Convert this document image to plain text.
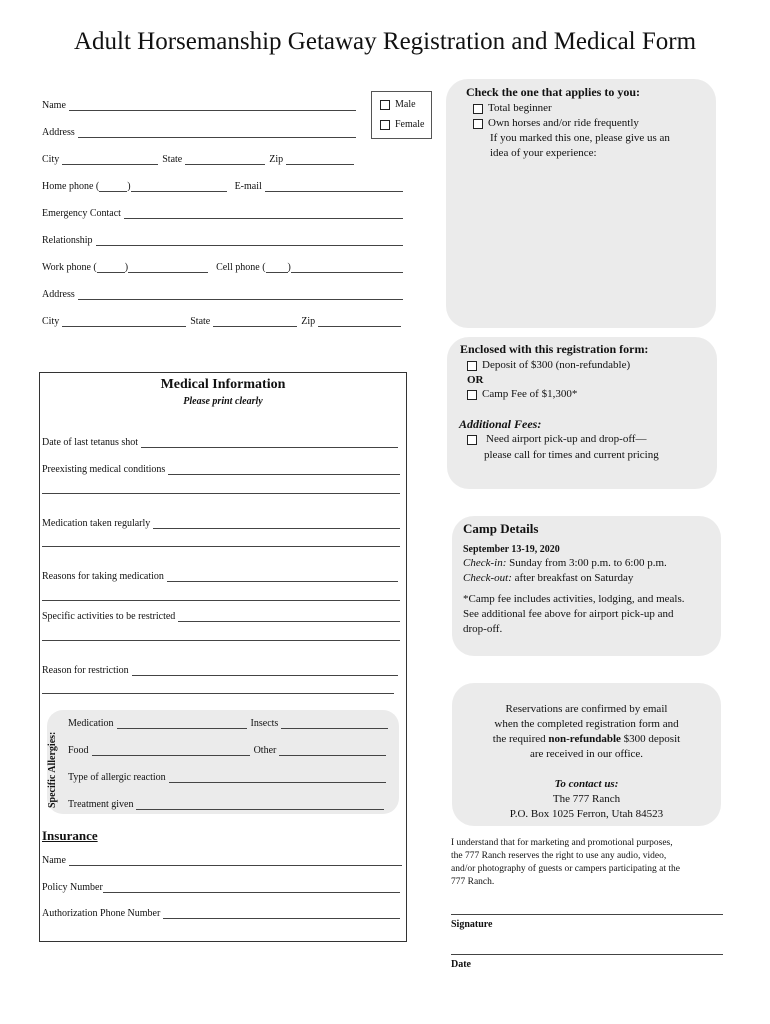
Adult Horsemanship Getaway Registration and Medical Form
Name
Address
City	State	Zip
Home phone (	)	E-mail
Emergency Contact
Relationship
Work phone (	)	Cell phone ( )
Address
City	State	Zip
Male
Female
Check the one that applies to you:
Total beginner
Own horses and/or ride frequently
If you marked this one, please give us an
idea of your experience:
Enclosed with this registration form:
Deposit of $300 (non-refundable)
OR
Camp Fee of $1,300*
Additional Fees:
Need airport pick-up and drop-off—
please call for times and current pricing
Camp Details
September 13-19, 2020
Check-in: Sunday from 3:00 p.m. to 6:00 p.m.
Check-out: after breakfast on Saturday
*Camp fee includes activities, lodging, and meals.
See additional fee above for airport pick-up and
drop-off.
Reservations are confirmed by email
when the completed registration form and
the required non-refundable $300 deposit
are received in our office.
To contact us:
The 777 Ranch
P.O. Box 1025 Ferron, Utah 84523
I understand that for marketing and promotional purposes,
the 777 Ranch reserves the right to use any audio, video,
and/or photography of guests or campers participating at the
777 Ranch.
Signature
Date
Medical Information
Please print clearly
Date of last tetanus shot
Preexisting medical conditions
Medication taken regularly
Reasons for taking medication
Specific activities to be restricted
Reason for restriction
Specific Allergies:
Medication	Insects
Food	Other
Type of allergic reaction
Treatment given
Insurance
Name
Policy Number
Authorization Phone Number
